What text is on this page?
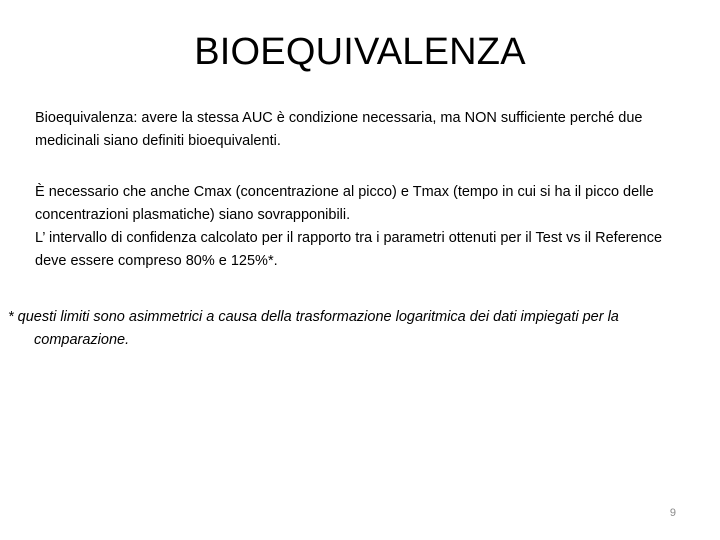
BIOEQUIVALENZA
Bioequivalenza: avere la stessa AUC è condizione necessaria, ma NON sufficiente perché due medicinali siano definiti bioequivalenti.
È necessario che anche Cmax (concentrazione al picco) e Tmax (tempo in cui si ha il picco delle concentrazioni plasmatiche) siano sovrapponibili.
L’ intervallo di confidenza calcolato per il rapporto tra i parametri ottenuti per il Test vs il Reference deve essere compreso 80% e 125%*.
* questi limiti sono asimmetrici a causa della trasformazione logaritmica dei dati impiegati per la comparazione.
9
